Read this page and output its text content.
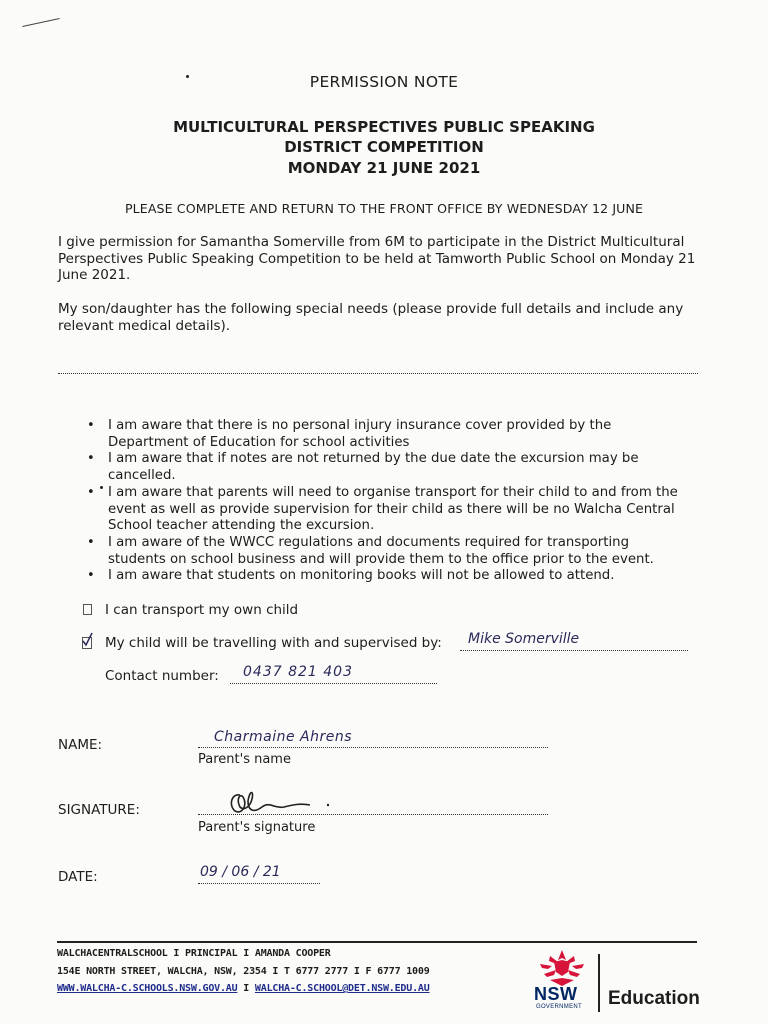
PERMISSION NOTE
MULTICULTURAL PERSPECTIVES PUBLIC SPEAKING
DISTRICT COMPETITION
MONDAY 21 JUNE 2021
PLEASE COMPLETE AND RETURN TO THE FRONT OFFICE BY WEDNESDAY 12 JUNE
I give permission for Samantha Somerville from 6M to participate in the District Multicultural Perspectives Public Speaking Competition to be held at Tamworth Public School on Monday 21 June 2021.
My son/daughter has the following special needs (please provide full details and include any relevant medical details).
• I am aware that there is no personal injury insurance cover provided by the Department of Education for school activities
• I am aware that if notes are not returned by the due date the excursion may be cancelled.
• I am aware that parents will need to organise transport for their child to and from the event as well as provide supervision for their child as there will be no Walcha Central School teacher attending the excursion.
• I am aware of the WWCC regulations and documents required for transporting students on school business and will provide them to the office prior to the event.
• I am aware that students on monitoring books will not be allowed to attend.
I can transport my own child
My child will be travelling with and supervised by: Mike Somerville
Contact number: 0437 821 403
NAME:	Charmaine Ahrens
Parent's name
SIGNATURE:
Parent's signature
DATE:	09 / 06 / 21
WALCHACENTRALSCHOOL I PRINCIPAL I AMANDA COOPER
154E NORTH STREET, WALCHA, NSW, 2354 I T 6777 2777 I F 6777 1009
WWW.WALCHA-C.SCHOOLS.NSW.GOV.AU I WALCHA-C.SCHOOL@DET.NSW.EDU.AU	NSW
GOVERNMENT Education
